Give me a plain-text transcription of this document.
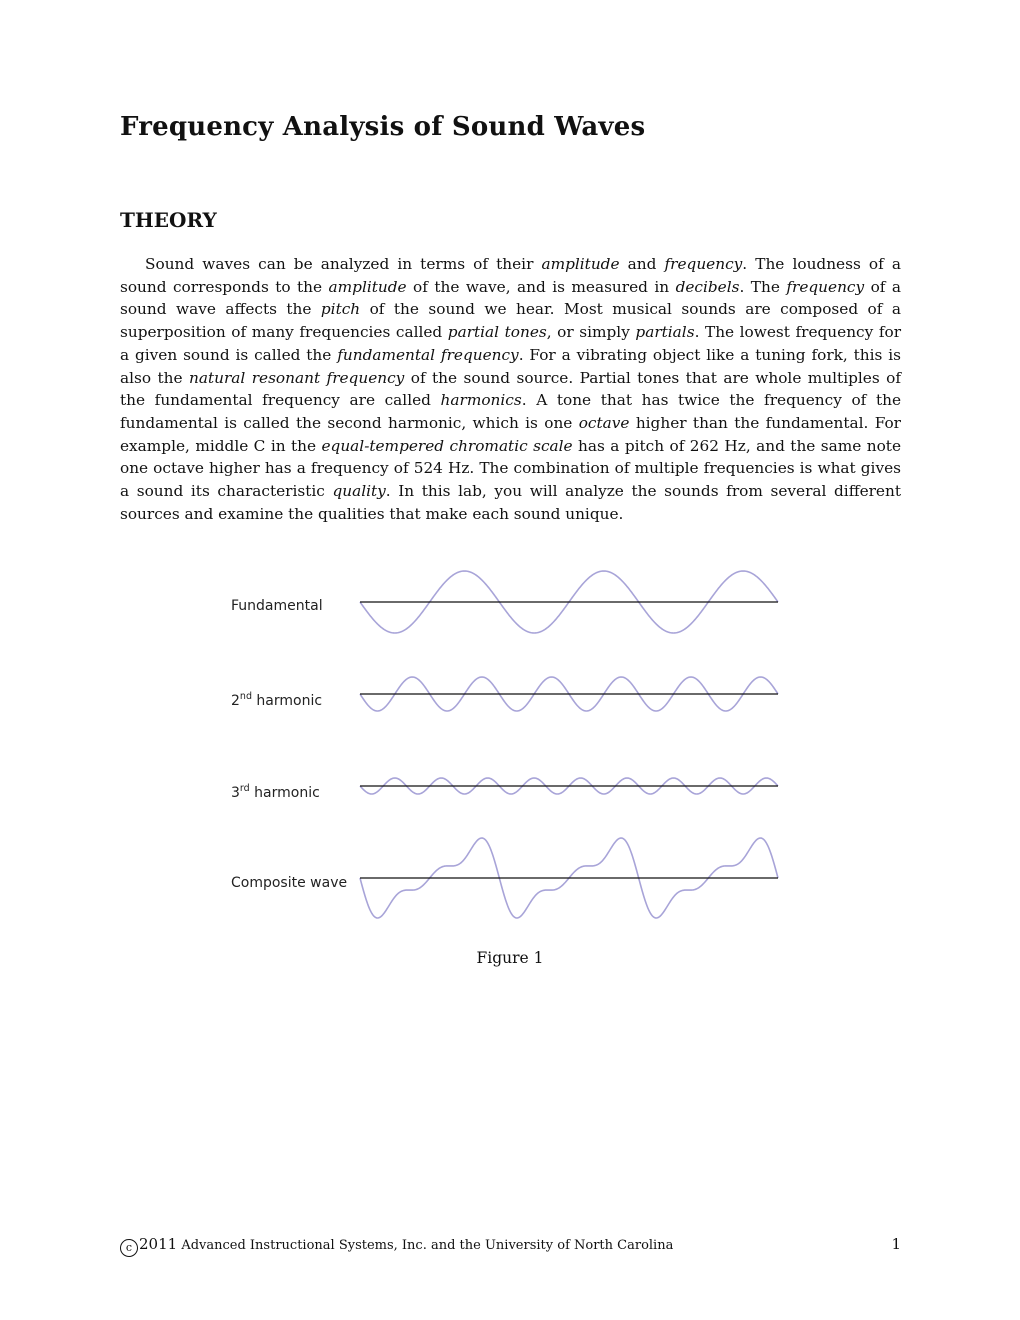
Frequency Analysis of Sound Waves
THEORY

Sound waves can be analyzed in terms of their amplitude and frequency. The loudness of a sound corresponds to the amplitude of the wave, and is measured in decibels. The frequency of a sound wave affects the pitch of the sound we hear. Most musical sounds are composed of a superposition of many frequencies called partial tones, or simply partials. The lowest frequency for a given sound is called the fundamental frequency. For a vibrating object like a tuning fork, this is also the natural resonant frequency of the sound source. Partial tones that are whole multiples of the fundamental frequency are called harmonics. A tone that has twice the frequency of the fundamental is called the second harmonic, which is one octave higher than the fundamental. For example, middle C in the equal-tempered chromatic scale has a pitch of 262 Hz, and the same note one octave higher has a frequency of 524 Hz. The combination of multiple frequencies is what gives a sound its characteristic quality. In this lab, you will analyze the sounds from several different sources and examine the qualities that make each sound unique.

Fundamental
2nd harmonic
3rd harmonic
Composite wave

Figure 1

c 2011 Advanced Instructional Systems, Inc. and the University of North Carolina	1
